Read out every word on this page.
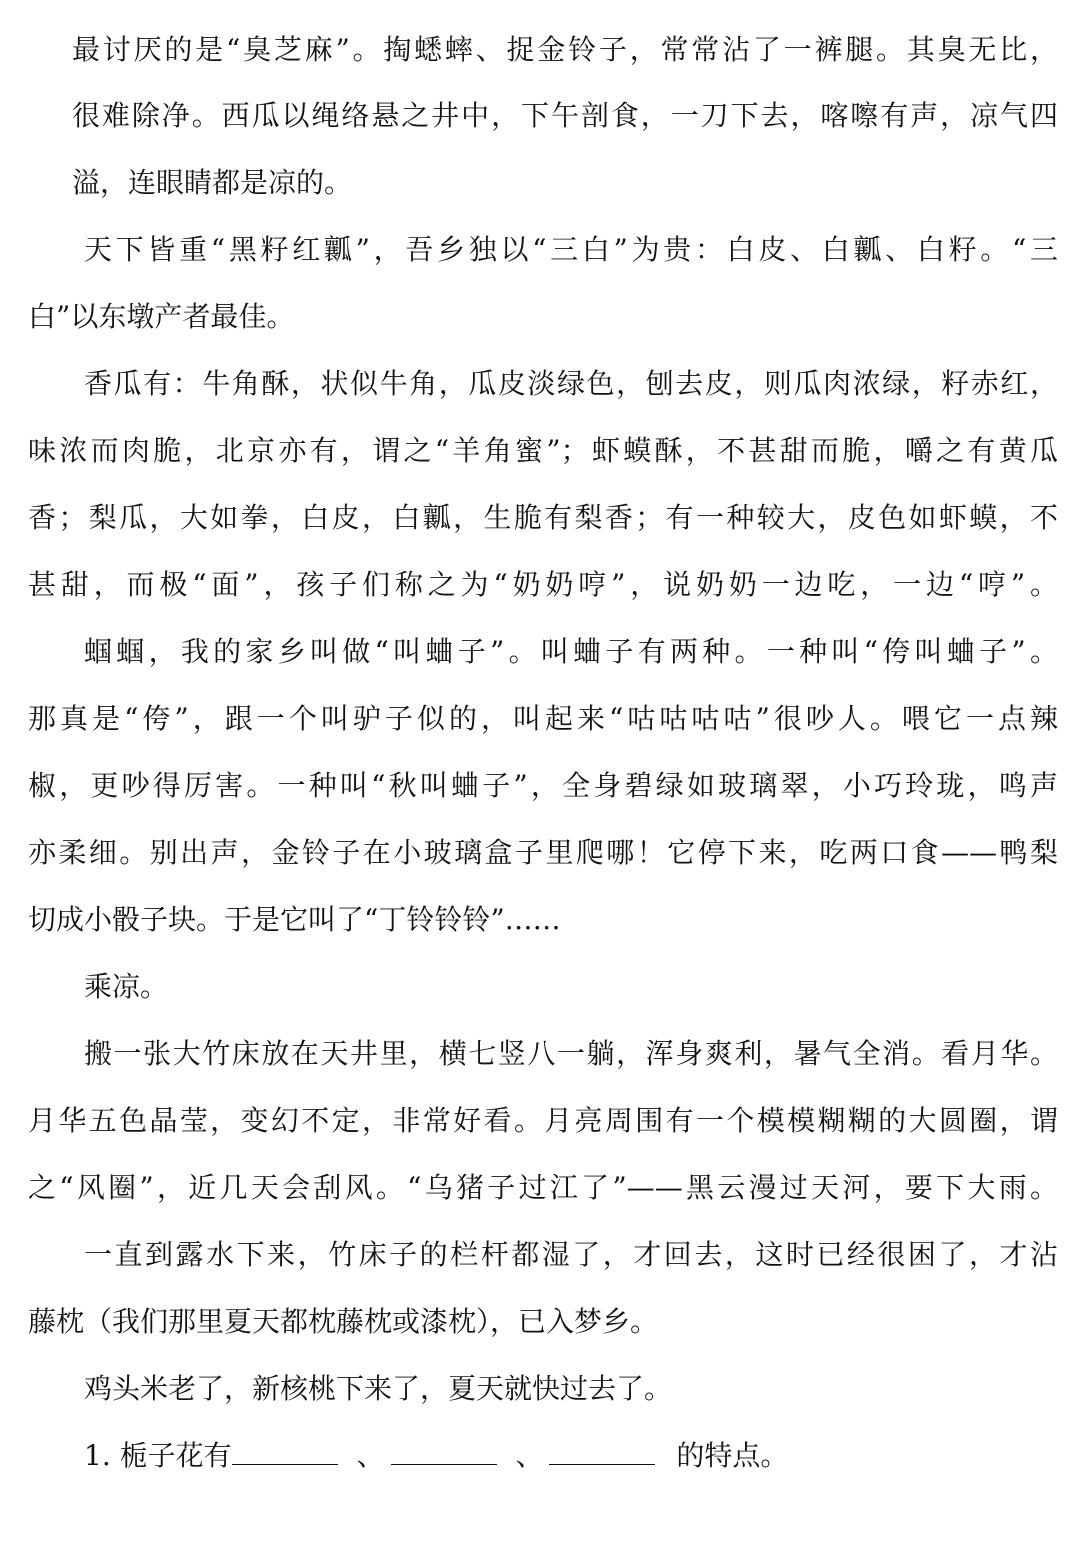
最讨厌的是“臭芝麻”。掏蟋蟀、捉金铃子，常常沾了一裤腿。其臭无比，
很难除净。西瓜以绳络悬之井中，下午剖食，一刀下去，喀嚓有声，凉气四
溢，连眼睛都是凉的。
天下皆重“黑籽红瓤”，吾乡独以“三白”为贵：白皮、白瓤、白籽。“三
白”以东墩产者最佳。
香瓜有：牛角酥，状似牛角，瓜皮淡绿色，刨去皮，则瓜肉浓绿，籽赤红，
味浓而肉脆，北京亦有，谓之“羊角蜜”；虾蟆酥，不甚甜而脆，嚼之有黄瓜
香；梨瓜，大如拳，白皮，白瓤，生脆有梨香；有一种较大，皮色如虾蟆，不
甚甜，而极“面”，孩子们称之为“奶奶哼”，说奶奶一边吃，一边“哼”。
蝈蝈，我的家乡叫做“叫蛐子”。叫蛐子有两种。一种叫“侉叫蛐子”。
那真是“侉”，跟一个叫驴子似的，叫起来“咕咕咕咕”很吵人。喂它一点辣
椒，更吵得厉害。一种叫“秋叫蛐子”，全身碧绿如玻璃翠，小巧玲珑，鸣声
亦柔细。别出声，金铃子在小玻璃盒子里爬哪！它停下来，吃两口食——鸭梨
切成小骰子块。于是它叫了“丁铃铃铃”……
乘凉。
搬一张大竹床放在天井里，横七竖八一躺，浑身爽利，暑气全消。看月华。
月华五色晶莹，变幻不定，非常好看。月亮周围有一个模模糊糊的大圆圈，谓
之“风圈”，近几天会刮风。“乌猪子过江了”——黑云漫过天河，要下大雨。
一直到露水下来，竹床子的栏杆都湿了，才回去，这时已经很困了，才沾
藤枕（我们那里夏天都枕藤枕或漆枕），已入梦乡。
鸡头米老了，新核桃下来了，夏天就快过去了。
1. 栀子花有	、	、	的特点。
